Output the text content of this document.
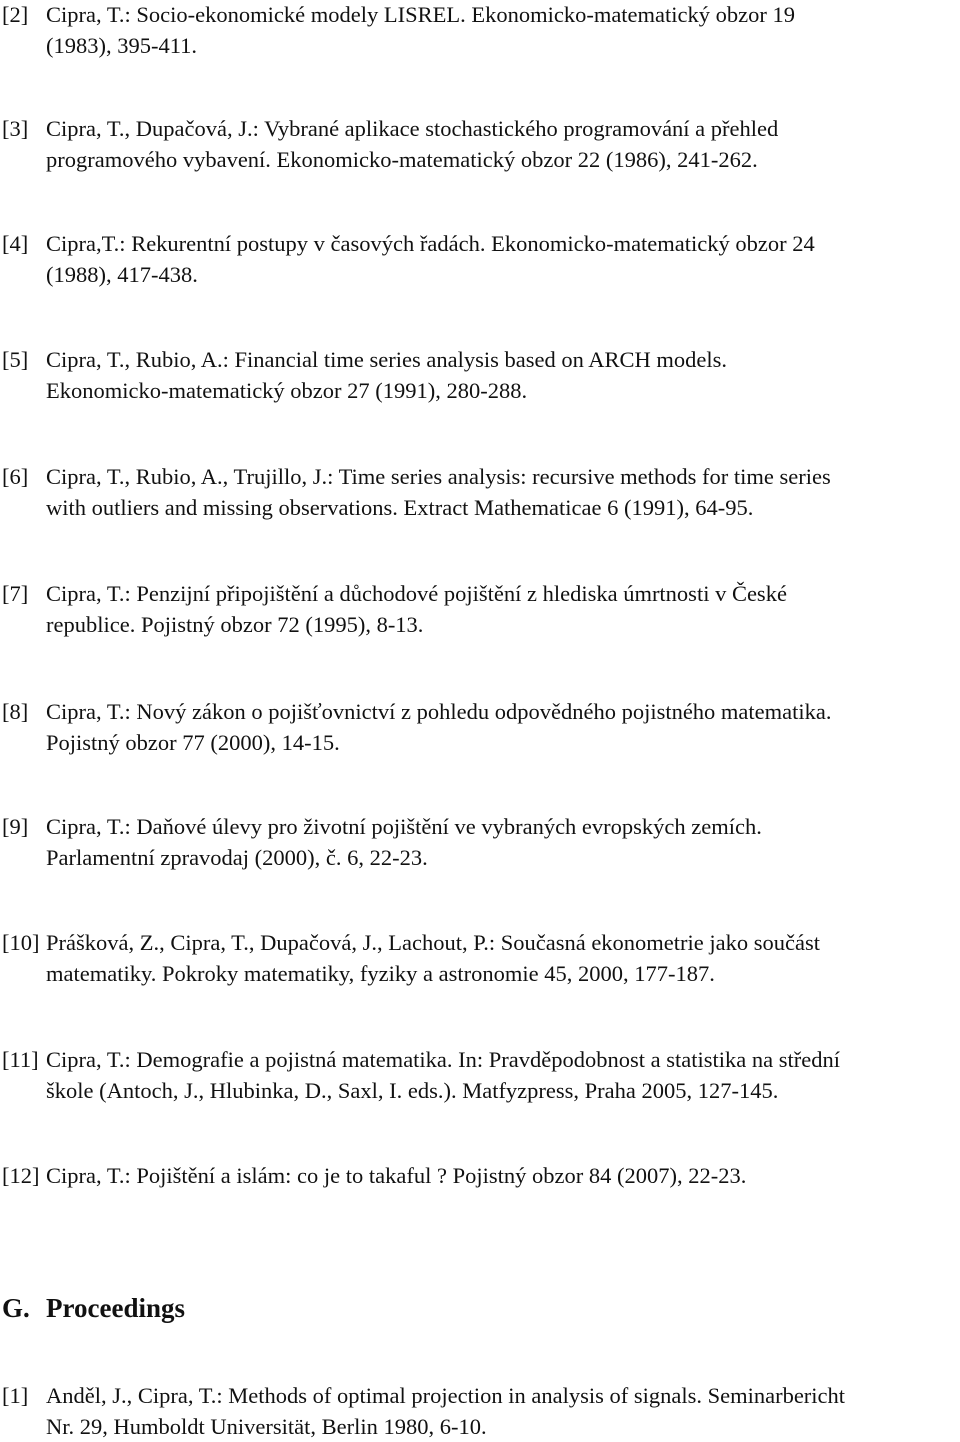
[2] Cipra, T.: Socio-ekonomické modely LISREL. Ekonomicko-matematický obzor 19
(1983), 395-411.
[3] Cipra, T., Dupačová, J.: Vybrané aplikace stochastického programování a přehled
programového vybavení. Ekonomicko-matematický obzor 22 (1986), 241-262.
[4] Cipra,T.: Rekurentní postupy v časových řadách. Ekonomicko-matematický obzor 24
(1988), 417-438.
[5] Cipra, T., Rubio, A.: Financial time series analysis based on ARCH models.
Ekonomicko-matematický obzor 27 (1991), 280-288.
[6] Cipra, T., Rubio, A., Trujillo, J.: Time series analysis: recursive methods for time series
with outliers and missing observations. Extract Mathematicae 6 (1991), 64-95.
[7] Cipra, T.: Penzijní připojištění a důchodové pojištění z hlediska úmrtnosti v České
republice. Pojistný obzor 72 (1995), 8-13.
[8] Cipra, T.: Nový zákon o pojišťovnictví z pohledu odpovědného pojistného matematika.
Pojistný obzor 77 (2000), 14-15.
[9] Cipra, T.: Daňové úlevy pro životní pojištění ve vybraných evropských zemích.
Parlamentní zpravodaj (2000), č. 6, 22-23.
[10] Prášková, Z., Cipra, T., Dupačová, J., Lachout, P.: Současná ekonometrie jako součást
matematiky. Pokroky matematiky, fyziky a astronomie 45, 2000, 177-187.
[11] Cipra, T.: Demografie a pojistná matematika. In: Pravděpodobnost a statistika na střední
škole (Antoch, J., Hlubinka, D., Saxl, I. eds.). Matfyzpress, Praha 2005, 127-145.
[12] Cipra, T.: Pojištění a islám: co je to takaful ? Pojistný obzor 84 (2007), 22-23.
G. Proceedings
[1] Anděl, J., Cipra, T.: Methods of optimal projection in analysis of signals. Seminarbericht
Nr. 29, Humboldt Universität, Berlin 1980, 6-10.
